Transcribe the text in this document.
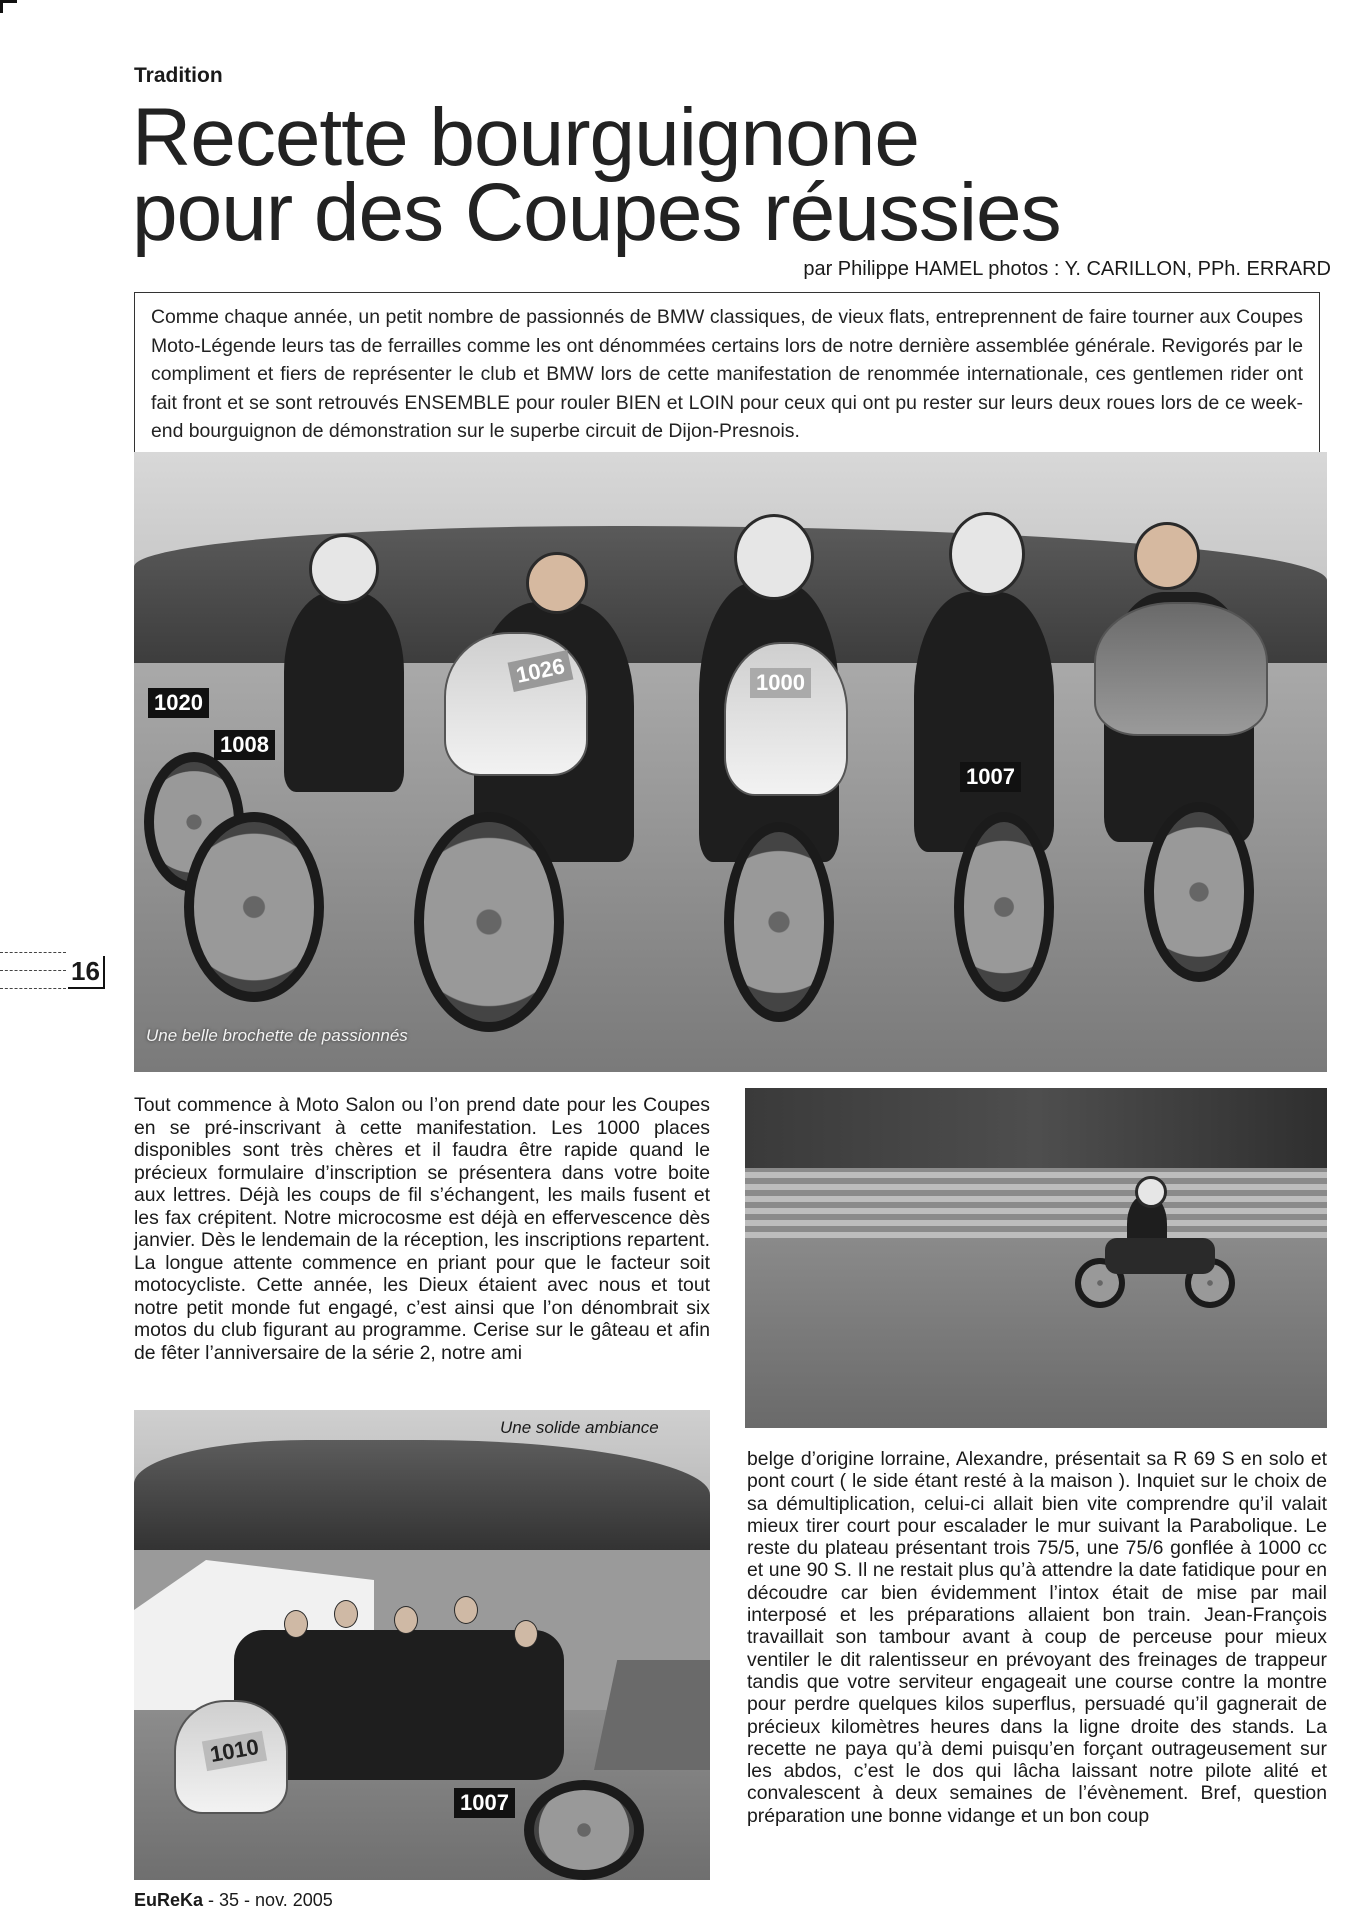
Tradition
Recette bourguignone
pour des Coupes réussies
par Philippe HAMEL photos : Y. CARILLON, PPh. ERRARD
Comme chaque année, un petit nombre de passionnés de BMW classiques, de vieux flats, entreprennent de faire tourner aux Coupes Moto-Légende leurs tas de ferrailles comme les ont dénommées certains lors de notre dernière assemblée générale. Revigorés par le compliment et fiers de représenter le club et BMW lors de cette manifestation de renommée internationale, ces gentlemen rider ont fait front et se sont retrouvés ENSEMBLE pour rouler BIEN et LOIN pour ceux qui ont pu rester sur leurs deux roues lors de ce week-end bourguignon de démonstration sur le superbe circuit de Dijon-Presnois.
1020
1008
1026	1000
1007
Une belle brochette de passionnés
16
Tout commence à Moto Salon ou l’on prend date pour les Coupes en se pré-inscrivant à cette manifestation. Les 1000 places disponibles sont très chères et il faudra être rapide quand le précieux formulaire d’inscription se présentera dans votre boite aux lettres. Déjà les coups de fil s’échangent, les mails fusent et les fax crépitent. Notre microcosme est déjà en effervescence dès janvier. Dès le lendemain de la réception, les inscriptions repartent. La longue attente commence en priant pour que le facteur soit motocycliste. Cette année, les Dieux étaient avec nous et tout notre petit monde fut engagé, c’est ainsi que l’on dénombrait six motos du club figurant au programme. Cerise sur le gâteau et afin de fêter l’anniversaire de la série 2, notre ami
1010
1007
Une solide ambiance
belge d’origine lorraine, Alexandre, présentait sa R 69 S en solo et pont court ( le side étant resté à la maison ). Inquiet sur le choix de sa démultiplication, celui-ci allait bien vite comprendre qu’il valait mieux tirer court pour escalader le mur suivant la Parabolique. Le reste du plateau présentant trois 75/5, une 75/6 gonflée à 1000 cc et une 90 S. Il ne restait plus qu’à attendre la date fatidique pour en découdre car bien évidemment l’intox était de mise par mail interposé et les préparations allaient bon train. Jean-François travaillait son tambour avant à coup de perceuse pour mieux ventiler le dit ralentisseur en prévoyant des freinages de trappeur tandis que votre serviteur engageait une course contre la montre pour perdre quelques kilos superflus, persuadé qu’il gagnerait de précieux kilomètres heures dans la ligne droite des stands. La recette ne paya qu’à demi puisqu’en forçant outrageusement sur les abdos, c’est le dos qui lâcha laissant notre pilote alité et convalescent à deux semaines de l’évènement. Bref, question préparation une bonne vidange et un bon coup
EuReKa - 35 - nov. 2005
